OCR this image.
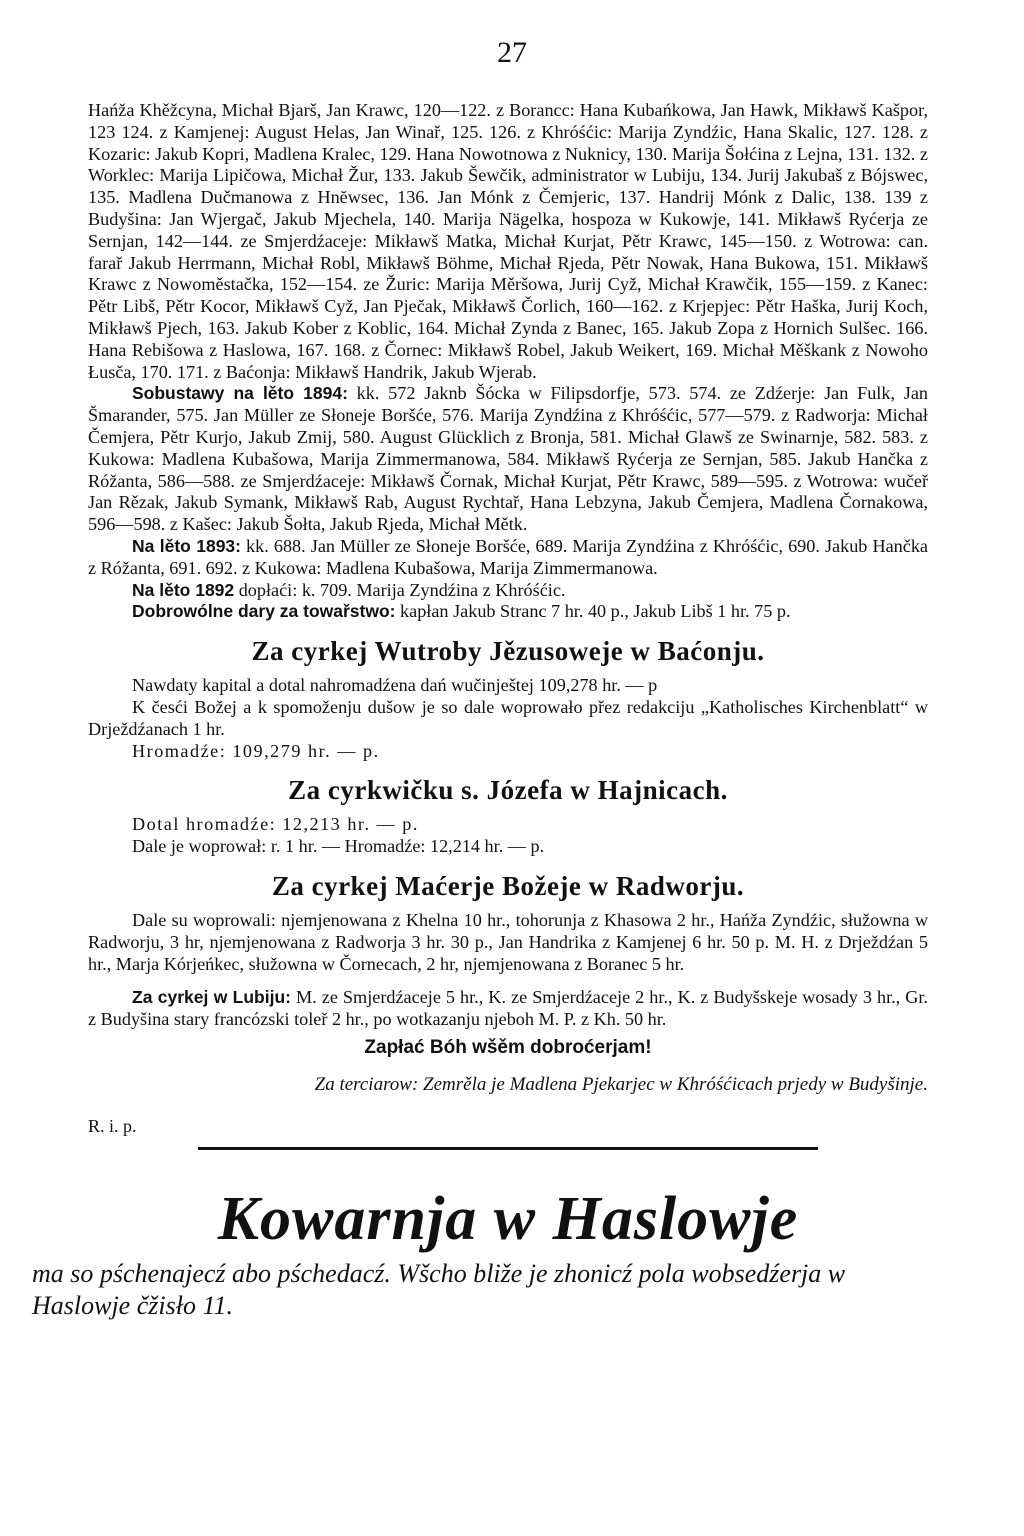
27

Hańža Khěžcyna, Michał Bjarš, Jan Krawc, 120—122. z Borancc: Hana Kubańkowa, Jan Hawk, Mikławš Kašpor, 123 124. z Kamjenej: August Helas, Jan Winař, 125. 126. z Khróśćic: Marija Zyndźic, Hana Skalic, 127. 128. z Kozaric: Jakub Kopri, Madlena Kralec, 129. Hana Nowotnowa z Nuknicy, 130. Marija Šołćina z Lejna, 131. 132. z Worklec: Marija Lipičowa, Michał Žur, 133. Jakub Šewčik, administrator w Lubiju, 134. Jurij Jakubaš z Bójswec, 135. Madlena Dučmanowa z Hnĕwsec, 136. Jan Mónk z Čemjeric, 137. Handrij Mónk z Dalic, 138. 139 z Budyšina: Jan Wjergač, Jakub Mjechela, 140. Marija Nägelka, hospoza w Kukowje, 141. Mikławš Ryćerja ze Sernjan, 142—144. ze Smjerdźaceje: Mikławš Matka, Michał Kurjat, Pětr Krawc, 145—150. z Wotrowa: can. farař Jakub Herrmann, Michał Robl, Mikławš Böhme, Michał Rjeda, Pětr Nowak, Hana Bukowa, 151. Mikławš Krawc z Nowoměstačka, 152—154. ze Žuric: Marija Měršowa, Jurij Cyž, Michał Krawčik, 155—159. z Kanec: Pětr Libš, Pětr Kocor, Mikławš Cyž, Jan Pječak, Mikławš Čorlich, 160—162. z Krjepjec: Pětr Haška, Jurij Koch, Mikławš Pjech, 163. Jakub Kober z Koblic, 164. Michał Zynda z Banec, 165. Jakub Zopa z Hornich Sulšec. 166. Hana Rebišowa z Haslowa, 167. 168. z Čornec: Mikławš Robel, Jakub Weikert, 169. Michał Měškank z Nowoho Łusča, 170. 171. z Baćonja: Mikławš Handrik, Jakub Wjerab.

Sobustawy na lěto 1894: kk. 572 Jaknb Šócka w Filipsdorfje, 573. 574. ze Zdźerje: Jan Fulk, Jan Šmarander, 575. Jan Müller ze Słoneje Boršće, 576. Marija Zyndźina z Khróśćic, 577—579. z Radworja: Michał Čemjera, Pětr Kurjo, Jakub Zmij, 580. August Glücklich z Bronja, 581. Michał Glawš ze Swinarnje, 582. 583. z Kukowa: Madlena Kubašowa, Marija Zimmermanowa, 584. Mikławš Ryćerja ze Sernjan, 585. Jakub Hančka z Róžanta, 586—588. ze Smjerdźaceje: Mikławš Čornak, Michał Kurjat, Pětr Krawc, 589—595. z Wotrowa: wučeř Jan Rězak, Jakub Symank, Mikławš Rab, August Rychtař, Hana Lebzyna, Jakub Čemjera, Madlena Čornakowa, 596—598. z Kašec: Jakub Šołta, Jakub Rjeda, Michał Mětk.

Na lěto 1893: kk. 688. Jan Müller ze Słoneje Boršće, 689. Marija Zyndźina z Khróśćic, 690. Jakub Hančka z Róžanta, 691. 692. z Kukowa: Madlena Kubašowa, Marija Zimmermanowa.

Na lěto 1892 dopłaći: k. 709. Marija Zyndźina z Khróśćic.

Dobrowólne dary za towařstwo: kapłan Jakub Stranc 7 hr. 40 p., Jakub Libš 1 hr. 75 p.

Za cyrkej Wutroby Jězusoweje w Baćonju.

Nawdaty kapital a dotal nahromadźena dań wučinještej 109,278 hr. — p

K česći Božej a k spomoženju dušow je so dale woprowało přez redakciju „Katholisches Kirchenblatt“ w Drježdźanach 1 hr.

Hromadźe: 109,279 hr. — p.

Za cyrkwičku s. Józefa w Hajnicach.

Dotal hromadźe: 12,213 hr. — p.

Dale je woprował: r. 1 hr. — Hromadźe: 12,214 hr. — p.

Za cyrkej Maćerje Božeje w Radworju.

Dale su woprowali: njemjenowana z Khelna 10 hr., tohorunja z Khasowa 2 hr., Hańža Zyndźic, słužowna w Radworju, 3 hr, njemjenowana z Radworja 3 hr. 30 p., Jan Handrika z Kamjenej 6 hr. 50 p. M. H. z Drježdźan 5 hr., Marja Kórjeńkec, słužowna w Čornecach, 2 hr, njemjenowana z Boranec 5 hr.

Za cyrkej w Lubiju: M. ze Smjerdźaceje 5 hr., K. ze Smjerdźaceje 2 hr., K. z Budyšskeje wosady 3 hr., Gr. z Budyšina stary francózski toleř 2 hr., po wotkazanju njeboh M. P. z Kh. 50 hr.

Zapłać Bóh wšěm dobroćerjam!

Za terciarow: Zemrěla je Madlena Pjekarjec w Khróśćicach prjedy w Budyšinje.

R. i. p.

Kowarnja w Haslowje

ma so pśchenajecź abo pśchedacź. Wšcho bliže je zhonicź pola wobsedźerja w Haslowje čžisło 11.
